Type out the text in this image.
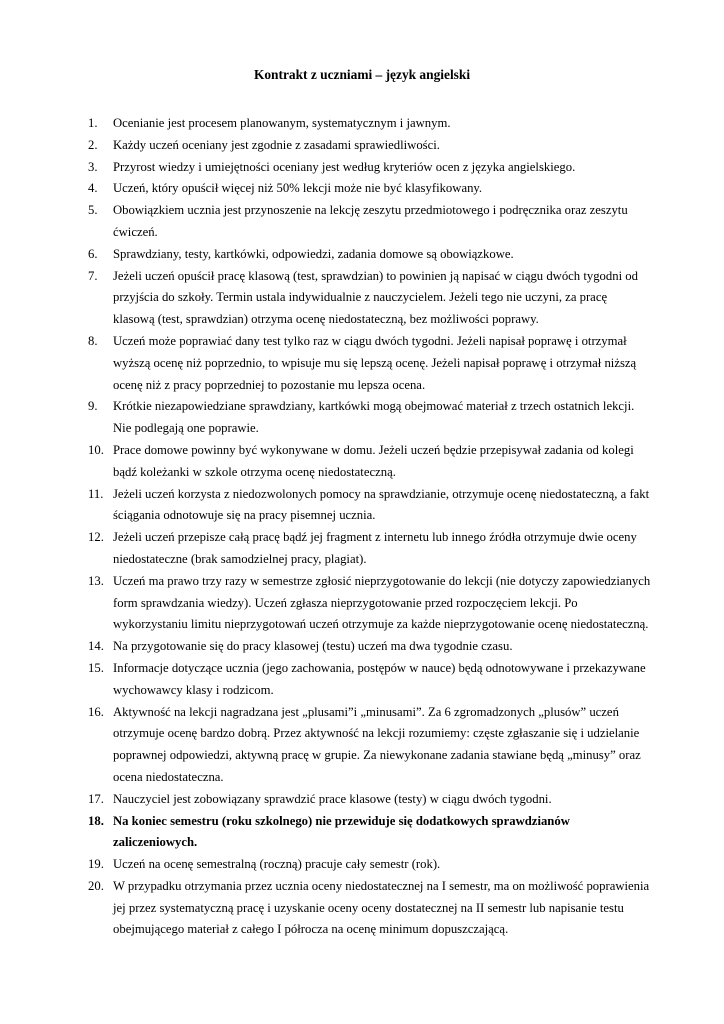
Kontrakt z uczniami – język angielski
1.	Ocenianie jest procesem planowanym, systematycznym i jawnym.
2.	Każdy uczeń oceniany jest zgodnie z zasadami sprawiedliwości.
3.	Przyrost wiedzy i umiejętności oceniany jest według kryteriów ocen z języka angielskiego.
4.	Uczeń, który opuścił więcej niż 50% lekcji może nie być klasyfikowany.
5.	Obowiązkiem ucznia jest przynoszenie na lekcję zeszytu przedmiotowego i podręcznika oraz zeszytu
ćwiczeń.
6.	Sprawdziany, testy, kartkówki, odpowiedzi, zadania domowe są obowiązkowe.
7.	Jeżeli uczeń opuścił pracę klasową (test, sprawdzian) to powinien ją napisać w ciągu dwóch tygodni od
przyjścia do szkoły. Termin ustala indywidualnie z nauczycielem. Jeżeli tego nie uczyni, za pracę
klasową (test, sprawdzian) otrzyma ocenę niedostateczną, bez możliwości poprawy.
8.	Uczeń może poprawiać dany test tylko raz w ciągu dwóch tygodni. Jeżeli napisał poprawę i otrzymał
wyższą ocenę niż poprzednio, to wpisuje mu się lepszą ocenę. Jeżeli napisał poprawę i otrzymał niższą
ocenę niż z pracy poprzedniej to pozostanie mu lepsza ocena.
9.	Krótkie niezapowiedziane sprawdziany, kartkówki mogą obejmować materiał z trzech ostatnich lekcji.
Nie podlegają one poprawie.
10. Prace domowe powinny być wykonywane w domu. Jeżeli uczeń będzie przepisywał zadania od kolegi
bądź koleżanki w szkole otrzyma ocenę niedostateczną.
11. Jeżeli uczeń korzysta z niedozwolonych pomocy na sprawdzianie, otrzymuje ocenę niedostateczną, a fakt
ściągania odnotowuje się na pracy pisemnej ucznia.
12. Jeżeli uczeń przepisze całą pracę bądź jej fragment z internetu lub innego źródła otrzymuje dwie oceny
niedostateczne (brak samodzielnej pracy, plagiat).
13. Uczeń ma prawo trzy razy w semestrze zgłosić nieprzygotowanie do lekcji (nie dotyczy zapowiedzianych
form sprawdzania wiedzy). Uczeń zgłasza nieprzygotowanie przed rozpoczęciem lekcji. Po
wykorzystaniu limitu nieprzygotowań uczeń otrzymuje za każde nieprzygotowanie ocenę niedostateczną.
14. Na przygotowanie się do pracy klasowej (testu) uczeń ma dwa tygodnie czasu.
15. Informacje dotyczące ucznia (jego zachowania, postępów w nauce) będą odnotowywane i przekazywane
wychowawcy klasy i rodzicom.
16. Aktywność na lekcji nagradzana jest „plusami”i „minusami”. Za 6 zgromadzonych „plusów” uczeń
otrzymuje ocenę bardzo dobrą. Przez aktywność na lekcji rozumiemy: częste zgłaszanie się i udzielanie
poprawnej odpowiedzi, aktywną pracę w grupie. Za niewykonane zadania stawiane będą „minusy” oraz
ocena niedostateczna.
17. Nauczyciel jest zobowiązany sprawdzić prace klasowe (testy) w ciągu dwóch tygodni.
18. Na koniec semestru (roku szkolnego) nie przewiduje się dodatkowych sprawdzianów
zaliczeniowych.
19. Uczeń na ocenę semestralną (roczną) pracuje cały semestr (rok).
20. W przypadku otrzymania przez ucznia oceny niedostatecznej na I semestr, ma on możliwość poprawienia
jej przez systematyczną pracę i uzyskanie oceny oceny dostatecznej na II semestr lub napisanie testu
obejmującego materiał z całego I półrocza na ocenę minimum dopuszczającą.
